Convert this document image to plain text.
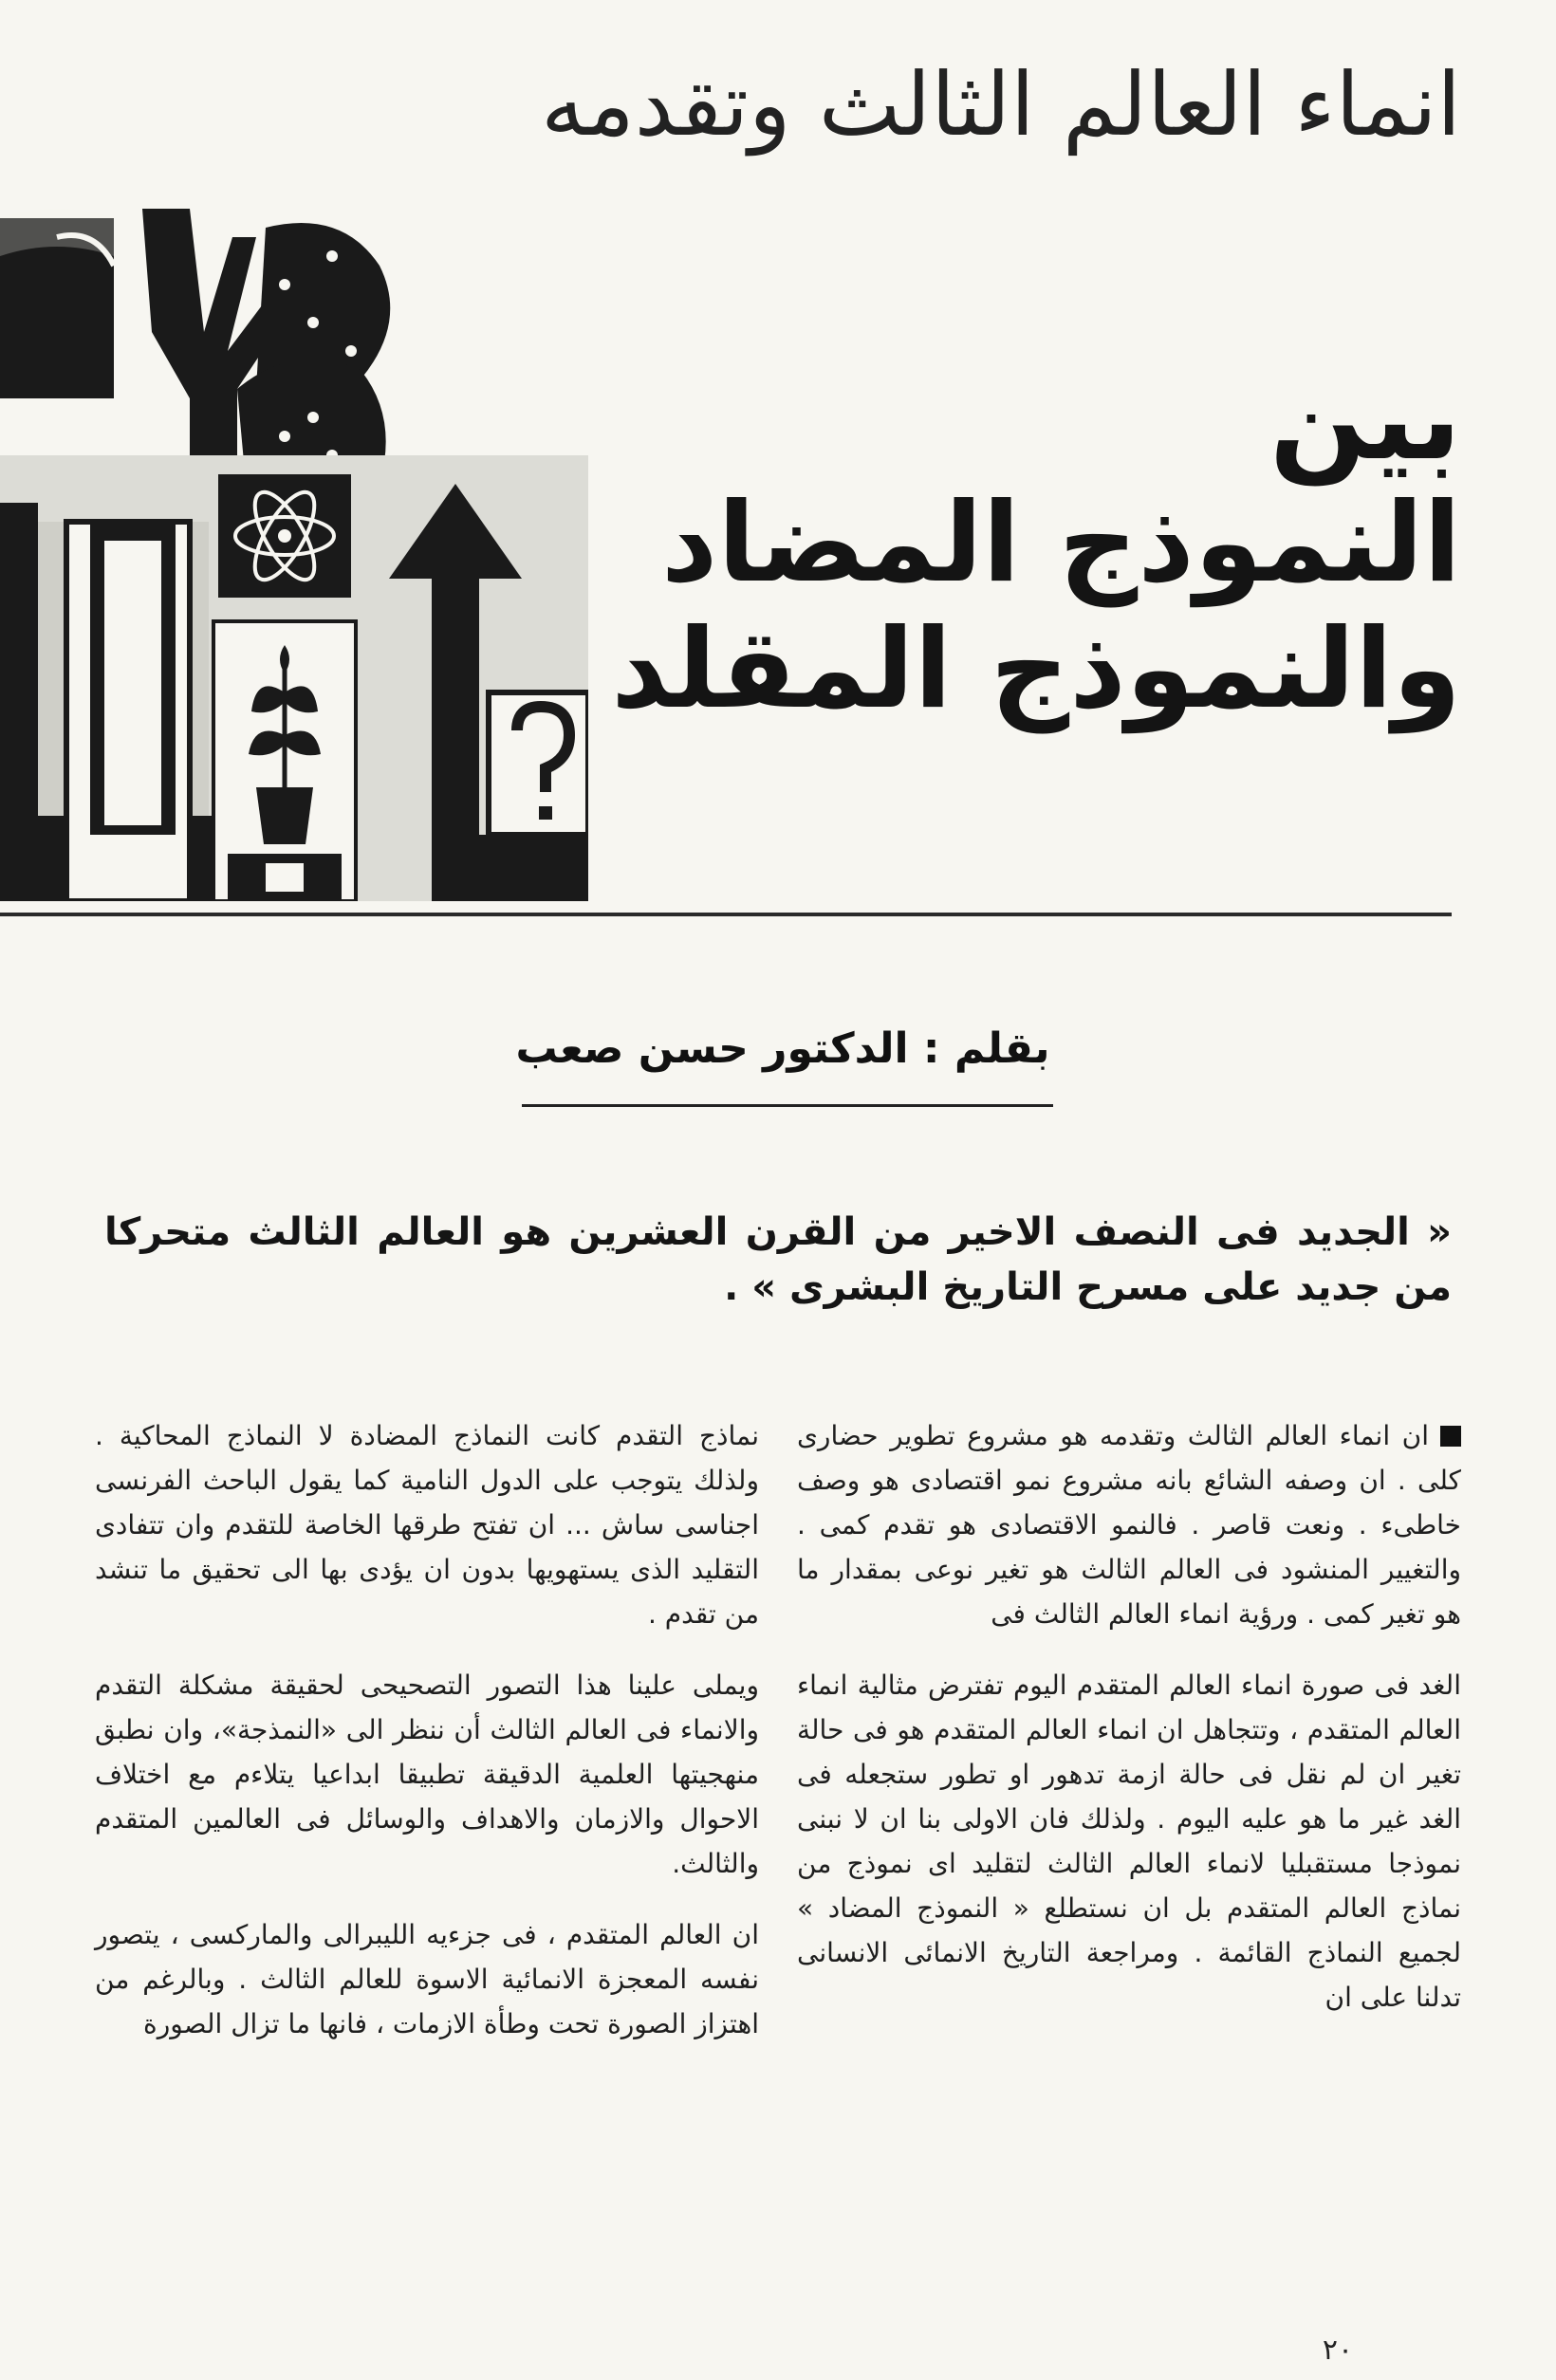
انماء العالم الثالث وتقدمه
بين
النموذج المضاد
والنموذج المقلد
بقلم : الدكتور حسن صعب
« الجديد فى النصف الاخير من القرن العشرين هو العالم الثالث متحركا من جديد على مسرح التاريخ البشرى » .

ان انماء العالم الثالث وتقدمه هو مشروع تطوير حضارى كلى . ان وصفه الشائع بانه مشروع نمو اقتصادى هو وصف خاطىء . ونعت قاصر . فالنمو الاقتصادى هو تقدم كمى . والتغيير المنشود فى العالم الثالث هو تغير نوعى بمقدار ما هو تغير كمى . ورؤية انماء العالم الثالث فى

الغد فى صورة انماء العالم المتقدم اليوم تفترض مثالية انماء العالم المتقدم ، وتتجاهل ان انماء العالم المتقدم هو فى حالة تغير ان لم نقل فى حالة ازمة تدهور او تطور ستجعله فى الغد غير ما هو عليه اليوم . ولذلك فان الاولى بنا ان لا نبنى نموذجا مستقبليا لانماء العالم الثالث لتقليد اى نموذج من نماذج العالم المتقدم بل ان نستطلع « النموذج المضاد » لجميع النماذج القائمة . ومراجعة التاريخ الانمائى الانسانى تدلنا على ان

نماذج التقدم كانت النماذج المضادة لا النماذج المحاكية . ولذلك يتوجب على الدول النامية كما يقول الباحث الفرنسى اجناسى ساش ... ان تفتح طرقها الخاصة للتقدم وان تتفادى التقليد الذى يستهويها بدون ان يؤدى بها الى تحقيق ما تنشد من تقدم .

ويملى علينا هذا التصور التصحيحى لحقيقة مشكلة التقدم والانماء فى العالم الثالث أن ننظر الى «النمذجة»، وان نطبق منهجيتها العلمية الدقيقة تطبيقا ابداعيا يتلاءم مع اختلاف الاحوال والازمان والاهداف والوسائل فى العالمين المتقدم والثالث.

ان العالم المتقدم ، فى جزءيه الليبرالى والماركسى ، يتصور نفسه المعجزة الانمائية الاسوة للعالم الثالث . وبالرغم من اهتزاز الصورة تحت وطأة الازمات ، فانها ما تزال الصورة

٢٠
